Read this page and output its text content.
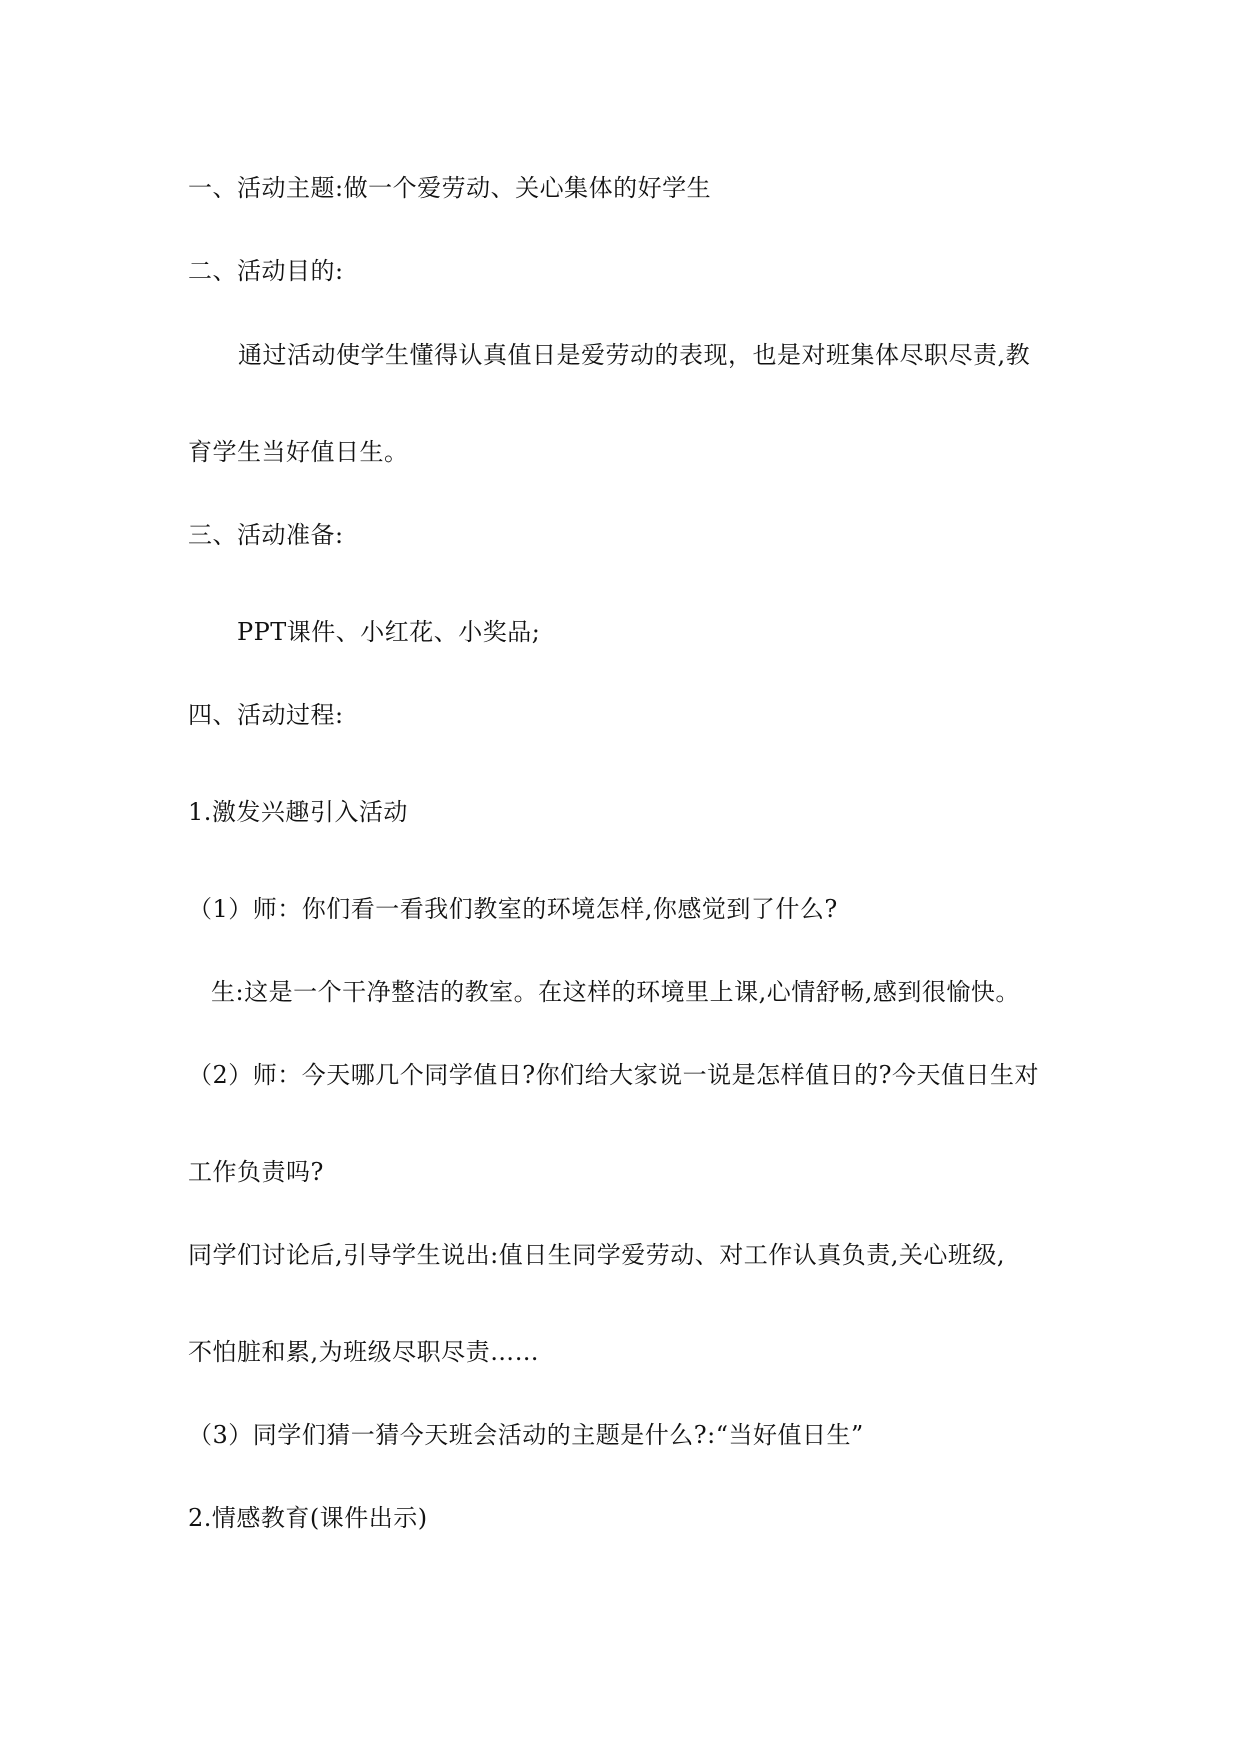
一、活动主题:做一个爱劳动、关心集体的好学生
二、活动目的:
通过活动使学生懂得认真值日是爱劳动的表现，也是对班集体尽职尽责,教
育学生当好值日生。
三、活动准备:
PPT课件、小红花、小奖品;
四、活动过程:
1.激发兴趣引入活动
（1）师：你们看一看我们教室的环境怎样,你感觉到了什么?
生:这是一个干净整洁的教室。在这样的环境里上课,心情舒畅,感到很愉快。
（2）师：今天哪几个同学值日?你们给大家说一说是怎样值日的?今天值日生对
工作负责吗?
同学们讨论后,引导学生说出:值日生同学爱劳动、对工作认真负责,关心班级,
不怕脏和累,为班级尽职尽责……
（3）同学们猜一猜今天班会活动的主题是什么?:“当好值日生”
2.情感教育(课件出示)
